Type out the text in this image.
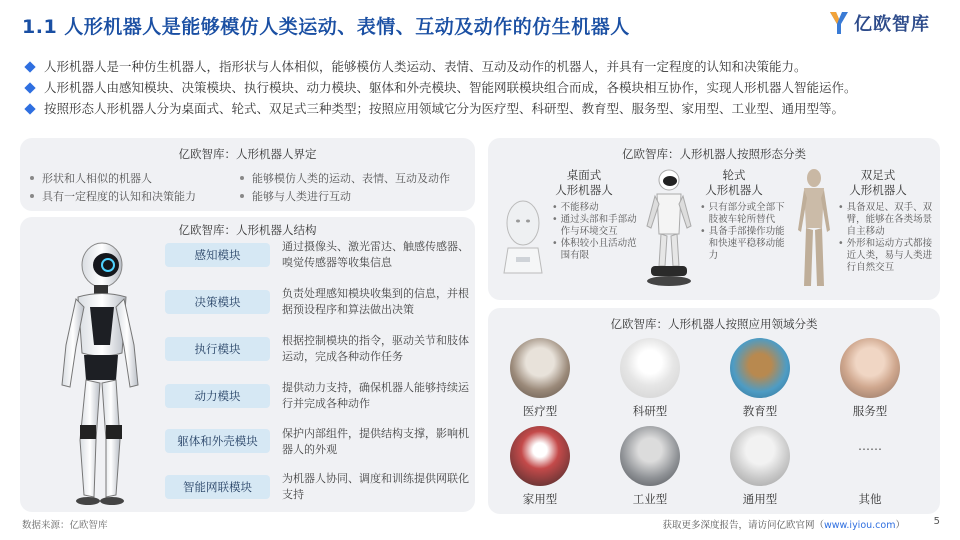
1.1 人形机器人是能够模仿人类运动、表情、互动及动作的仿生机器人	亿欧智库
人形机器人是一种仿生机器人，指形状与人体相似，能够模仿人类运动、表情、互动及动作的机器人，并具有一定程度的认知和决策能力。
人形机器人由感知模块、决策模块、执行模块、动力模块、躯体和外壳模块、智能网联模块组合而成，各模块相互协作，实现人形机器人智能运作。
按照形态人形机器人分为桌面式、轮式、双足式三种类型；按照应用领域它分为医疗型、科研型、教育型、服务型、家用型、工业型、通用型等。
亿欧智库：人形机器人界定
形状和人相似的机器人	能够模仿人类的运动、表情、互动及动作
具有一定程度的认知和决策能力	能够与人类进行互动
亿欧智库：人形机器人结构
感知模块
通过摄像头、激光雷达、触感传感器、嗅觉传感器等收集信息
决策模块
负责处理感知模块收集到的信息，并根据预设程序和算法做出决策
执行模块
根据控制模块的指令，驱动关节和肢体运动，完成各种动作任务
动力模块
提供动力支持，确保机器人能够持续运行并完成各种动作
躯体和外壳模块
保护内部组件，提供结构支撑，影响机器人的外观
智能网联模块
为机器人协同、调度和训练提供网联化支持
亿欧智库：人形机器人按照形态分类
桌面式
人形机器人
• 不能移动
• 通过头部和手部动作与环境交互
• 体积较小且活动范围有限
轮式
人形机器人
• 只有部分或全部下肢被车轮所替代
• 具备手部操作功能和快速平稳移动能力
双足式
人形机器人
• 具备双足、双手、双臂，能够在各类场景自主移动
• 外形和运动方式都接近人类，易与人类进行自然交互
亿欧智库：人形机器人按照应用领域分类
医疗型	科研型	教育型	服务型
家用型	工业型	通用型
……
其他
数据来源：亿欧智库	获取更多深度报告，请访问亿欧官网（www.iyiou.com）	5
